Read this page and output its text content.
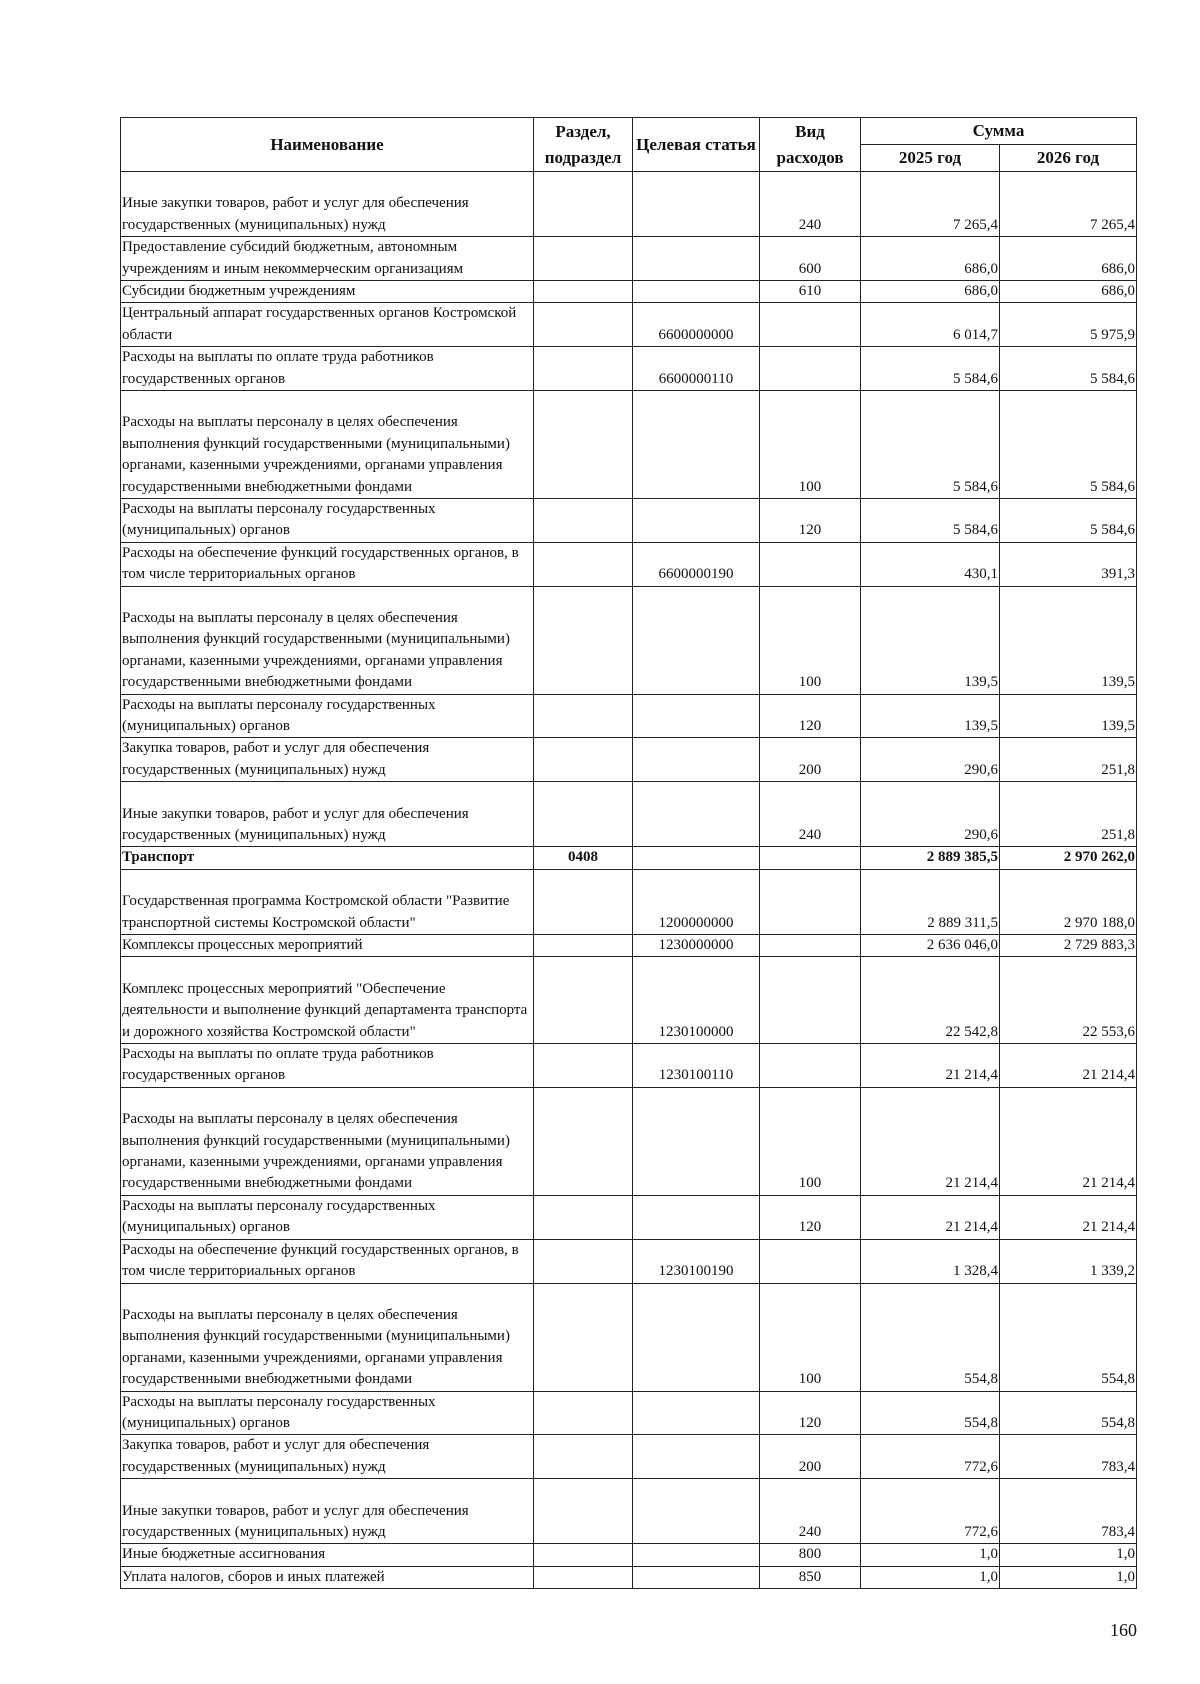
Наименование	Раздел, подраздел	Целевая статья	Вид расходов	Сумма	
				2025 год	2026 год
Иные закупки товаров, работ и услуг для обеспечения государственных (муниципальных) нужд			240	7 265,4	7 265,4
Предоставление субсидий бюджетным, автономным учреждениям и иным некоммерческим организациям			600	686,0	686,0
Субсидии бюджетным учреждениям			610	686,0	686,0
Центральный аппарат государственных органов Костромской области		6600000000		6 014,7	5 975,9
Расходы на выплаты по оплате труда работников государственных органов		6600000110		5 584,6	5 584,6
Расходы на выплаты персоналу в целях обеспечения выполнения функций государственными (муниципальными) органами, казенными учреждениями, органами управления государственными внебюджетными фондами			100	5 584,6	5 584,6
Расходы на выплаты персоналу государственных (муниципальных) органов			120	5 584,6	5 584,6
Расходы на обеспечение функций государственных органов, в том числе территориальных органов		6600000190		430,1	391,3
Расходы на выплаты персоналу в целях обеспечения выполнения функций государственными (муниципальными) органами, казенными учреждениями, органами управления государственными внебюджетными фондами			100	139,5	139,5
Расходы на выплаты персоналу государственных (муниципальных) органов			120	139,5	139,5
Закупка товаров, работ и услуг для обеспечения государственных (муниципальных) нужд			200	290,6	251,8
Иные закупки товаров, работ и услуг для обеспечения государственных (муниципальных) нужд			240	290,6	251,8
Транспорт	0408			2 889 385,5	2 970 262,0
Государственная программа Костромской области "Развитие транспортной системы Костромской области"		1200000000		2 889 311,5	2 970 188,0
Комплексы процессных мероприятий		1230000000		2 636 046,0	2 729 883,3
Комплекс процессных мероприятий "Обеспечение деятельности и выполнение функций департамента транспорта и дорожного хозяйства Костромской области"		1230100000		22 542,8	22 553,6
Расходы на выплаты по оплате труда работников государственных органов		1230100110		21 214,4	21 214,4
Расходы на выплаты персоналу в целях обеспечения выполнения функций государственными (муниципальными) органами, казенными учреждениями, органами управления государственными внебюджетными фондами			100	21 214,4	21 214,4
Расходы на выплаты персоналу государственных (муниципальных) органов			120	21 214,4	21 214,4
Расходы на обеспечение функций государственных органов, в том числе территориальных органов		1230100190		1 328,4	1 339,2
Расходы на выплаты персоналу в целях обеспечения выполнения функций государственными (муниципальными) органами, казенными учреждениями, органами управления государственными внебюджетными фондами			100	554,8	554,8
Расходы на выплаты персоналу государственных (муниципальных) органов			120	554,8	554,8
Закупка товаров, работ и услуг для обеспечения государственных (муниципальных) нужд			200	772,6	783,4
Иные закупки товаров, работ и услуг для обеспечения государственных (муниципальных) нужд			240	772,6	783,4
Иные бюджетные ассигнования			800	1,0	1,0
Уплата налогов, сборов и иных платежей			850	1,0	1,0
160
